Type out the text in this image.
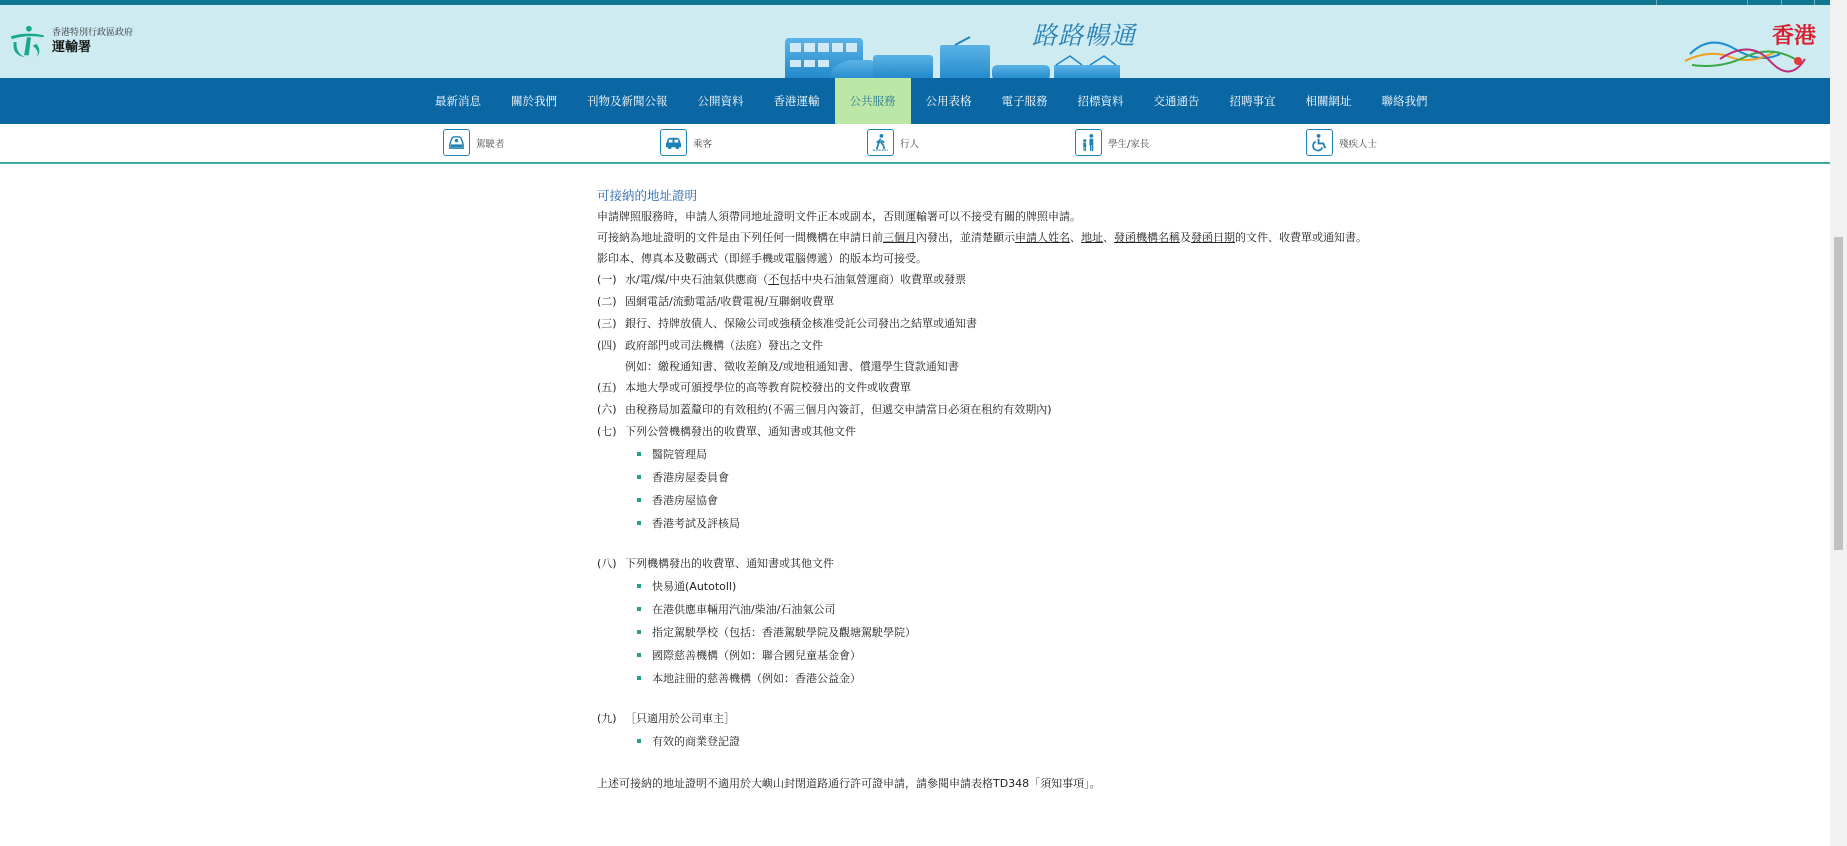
香港特別行政區政府
運輸署	路路暢通	香港
最新消息	關於我們	刊物及新聞公報	公開資料	香港運輸	公共服務	公用表格	電子服務	招標資料	交通通告	招聘事宜	相關網址	聯絡我們
駕駛者	乘客	行人	學生/家長	殘疾人士
可接納的地址證明

申請牌照服務時，申請人須帶同地址證明文件正本或副本，否則運輸署可以不接受有關的牌照申請。

可接納為地址證明的文件是由下列任何一間機構在申請日前三個月內發出，並清楚顯示申請人姓名、地址、發函機構名稱及發函日期的文件、收費單或通知書。

影印本、傳真本及數碼式（即經手機或電腦傳遞）的版本均可接受。

(一) 水/電/煤/中央石油氣供應商（不包括中央石油氣營運商）收費單或發票
(二) 固網電話/流動電話/收費電視/互聯網收費單
(三) 銀行、持牌放債人、保險公司或強積金核准受託公司發出之結單或通知書
(四) 政府部門或司法機構（法庭）發出之文件
例如：繳稅通知書、徵收差餉及/或地租通知書、償還學生貸款通知書
(五) 本地大學或可頒授學位的高等教育院校發出的文件或收費單
(六) 由稅務局加蓋釐印的有效租約(不需三個月內簽訂，但遞交申請當日必須在租約有效期內)
(七) 下列公營機構發出的收費單、通知書或其他文件
醫院管理局
香港房屋委員會
香港房屋協會
香港考試及評核局
(八) 下列機構發出的收費單、通知書或其他文件
快易通(Autotoll)
在港供應車輛用汽油/柴油/石油氣公司
指定駕駛學校（包括：香港駕駛學院及觀塘駕駛學院）
國際慈善機構（例如：聯合國兒童基金會）
本地註冊的慈善機構（例如：香港公益金）
(九) ［只適用於公司車主］
有效的商業登記證

上述可接納的地址證明不適用於大嶼山封閉道路通行許可證申請，請參閱申請表格TD348「須知事項」。
